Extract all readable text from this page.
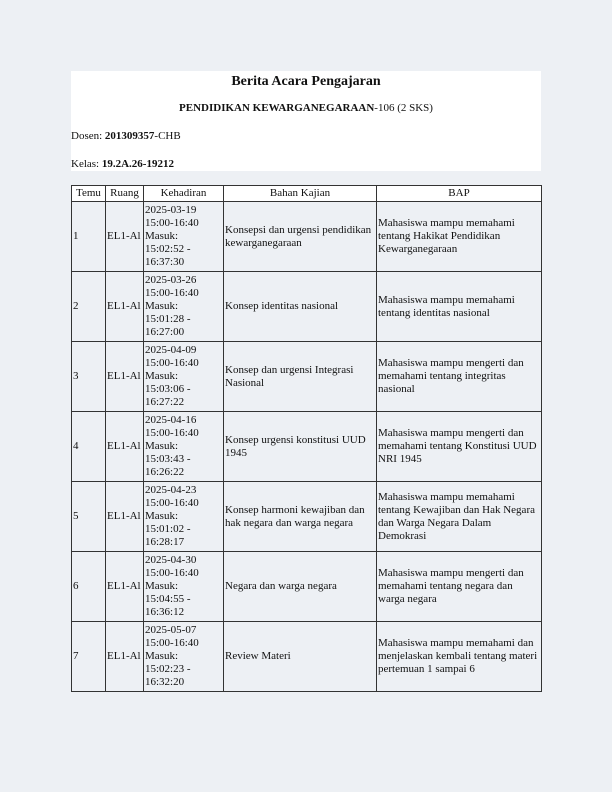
Berita Acara Pengajaran
PENDIDIKAN KEWARGANEGARAAN-106 (2 SKS)
Dosen: 201309357-CHB
Kelas: 19.2A.26-19212
Temu	Ruang	Kehadiran	Bahan Kajian	BAP
1	EL1-Al	2025-03-19
15:00-16:40
Masuk:
15:02:52 -
16:37:30	Konsepsi dan urgensi pendidikan kewarganegaraan	Mahasiswa mampu memahami tentang Hakikat Pendidikan Kewarganegaraan
2	EL1-Al	2025-03-26
15:00-16:40
Masuk:
15:01:28 -
16:27:00	Konsep identitas nasional	Mahasiswa mampu memahami tentang identitas nasional
3	EL1-Al	2025-04-09
15:00-16:40
Masuk:
15:03:06 -
16:27:22	Konsep dan urgensi Integrasi Nasional	Mahasiswa mampu mengerti dan memahami tentang integritas nasional
4	EL1-Al	2025-04-16
15:00-16:40
Masuk:
15:03:43 -
16:26:22	Konsep urgensi konstitusi UUD 1945	Mahasiswa mampu mengerti dan memahami tentang Konstitusi UUD NRI 1945
5	EL1-Al	2025-04-23
15:00-16:40
Masuk:
15:01:02 -
16:28:17	Konsep harmoni kewajiban dan hak negara dan warga negara	Mahasiswa mampu memahami tentang Kewajiban dan Hak Negara dan Warga Negara Dalam Demokrasi
6	EL1-Al	2025-04-30
15:00-16:40
Masuk:
15:04:55 -
16:36:12	Negara dan warga negara	Mahasiswa mampu mengerti dan memahami tentang negara dan warga negara
7	EL1-Al	2025-05-07
15:00-16:40
Masuk:
15:02:23 -
16:32:20	Review Materi	Mahasiswa mampu memahami dan menjelaskan kembali tentang materi pertemuan 1 sampai 6
